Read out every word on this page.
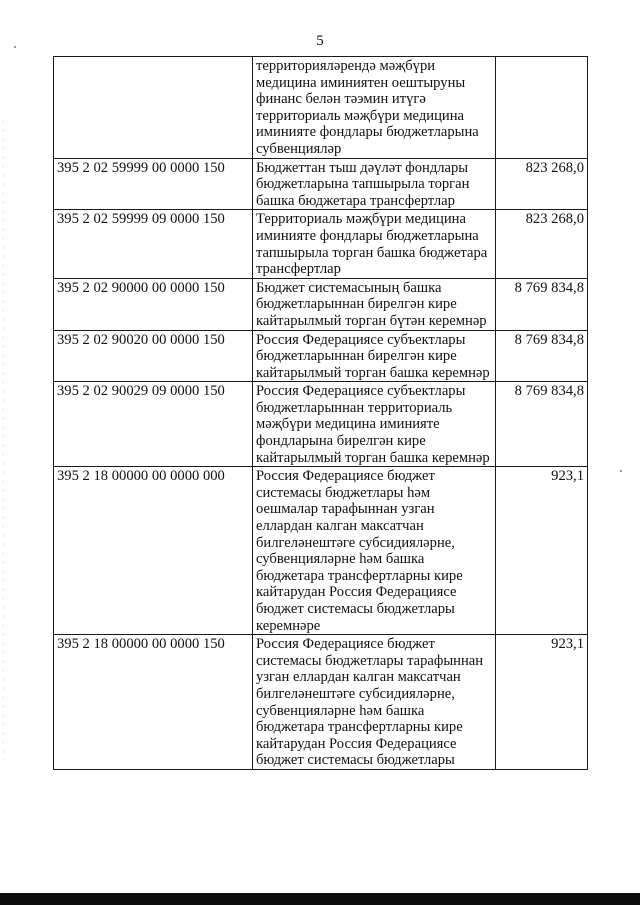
5
	территорияләрендә мәҗбүри медицина иминиятен оештыруны финанс белән тәэмин итүгә территориаль мәҗбүри медицина иминияте фондлары бюджетларына субвенцияләр	
395 2 02 59999 00 0000 150	Бюджеттан тыш дәүләт фондлары бюджетларына тапшырыла торган башка бюджетара трансфертлар	823 268,0
395 2 02 59999 09 0000 150	Территориаль мәҗбүри медицина иминияте фондлары бюджетларына тапшырыла торган башка бюджетара трансфертлар	823 268,0
395 2 02 90000 00 0000 150	Бюджет системасының башка бюджетларыннан бирелгән кире кайтарылмый торган бүтән керемнәр	8 769 834,8
395 2 02 90020 00 0000 150	Россия Федерациясе субъектлары бюджетларыннан бирелгән кире кайтарылмый торган башка керемнәр	8 769 834,8
395 2 02 90029 09 0000 150	Россия Федерациясе субъектлары бюджетларыннан территориаль мәҗбүри медицина иминияте фондларына бирелгән кире кайтарылмый торган башка керемнәр	8 769 834,8
395 2 18 00000 00 0000 000	Россия Федерациясе бюджет системасы бюджетлары һәм оешмалар тарафыннан узган еллардан калган максатчан билгеләнештәге субсидияләрне, субвенцияләрне һәм башка бюджетара трансфертларны кире кайтарудан Россия Федерациясе бюджет системасы бюджетлары керемнәре	923,1
395 2 18 00000 00 0000 150	Россия Федерациясе бюджет системасы бюджетлары тарафыннан узган еллардан калган максатчан билгеләнештәге субсидияләрне, субвенцияләрне һәм башка бюджетара трансфертларны кире кайтарудан Россия Федерациясе бюджет системасы бюджетлары	923,1
